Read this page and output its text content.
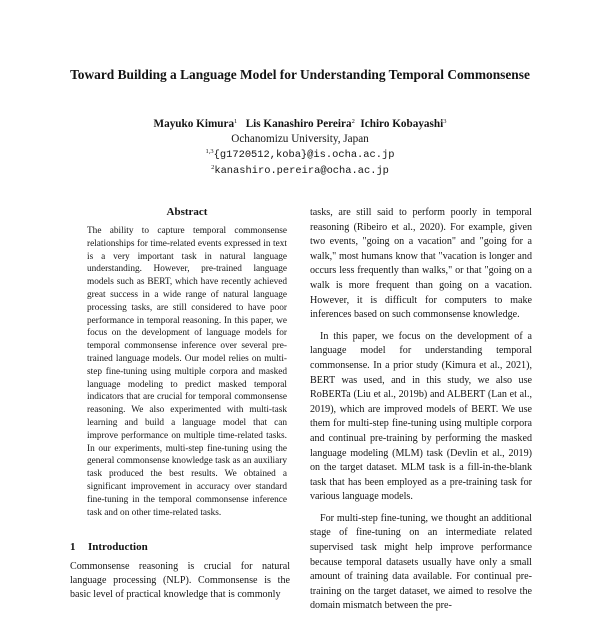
Toward Building a Language Model for Understanding Temporal Commonsense
Mayuko Kimura$^1$ Lis Kanashiro Pereira$^2$ Ichiro Kobayashi$^3$
Ochanomizu University, Japan
$^{1,3}${g1720512,koba}@is.ocha.ac.jp
$^2$kanashiro.pereira@ocha.ac.jp
Abstract
The ability to capture temporal commonsense relationships for time-related events expressed in text is a very important task in natural language understanding. However, pre-trained language models such as BERT, which have recently achieved great success in a wide range of natural language processing tasks, are still considered to have poor performance in temporal reasoning. In this paper, we focus on the development of language models for temporal commonsense inference over several pre-trained language models. Our model relies on multi-step fine-tuning using multiple corpora and masked language modeling to predict masked temporal indicators that are crucial for temporal commonsense reasoning. We also experimented with multi-task learning and build a language model that can improve performance on multiple time-related tasks. In our experiments, multi-step fine-tuning using the general commonsense knowledge task as an auxiliary task produced the best results. We obtained a significant improvement in accuracy over standard fine-tuning in the temporal commonsense inference task and on other time-related tasks.
1 Introduction

Commonsense reasoning is crucial for natural language processing (NLP). Commonsense is the basic level of practical knowledge that is commonly

tasks, are still said to perform poorly in temporal reasoning (Ribeiro et al., 2020). For example, given two events, "going on a vacation" and "going for a walk," most humans know that "vacation is longer and occurs less frequently than walks," or that "going on a walk is more frequent than going on a vacation. However, it is difficult for computers to make inferences based on such commonsense knowledge.

In this paper, we focus on the development of a language model for understanding temporal commonsense. In a prior study (Kimura et al., 2021), BERT was used, and in this study, we also use RoBERTa (Liu et al., 2019b) and ALBERT (Lan et al., 2019), which are improved models of BERT. We use them for multi-step fine-tuning using multiple corpora and continual pre-training by performing the masked language modeling (MLM) task (Devlin et al., 2019) on the target dataset. MLM task is a fill-in-the-blank task that has been employed as a pre-training task for various language models.

For multi-step fine-tuning, we thought an additional stage of fine-tuning on an intermediate related supervised task might help improve performance because temporal datasets usually have only a small amount of training data available. For continual pre-training on the target dataset, we aimed to resolve the domain mismatch between the pre-
